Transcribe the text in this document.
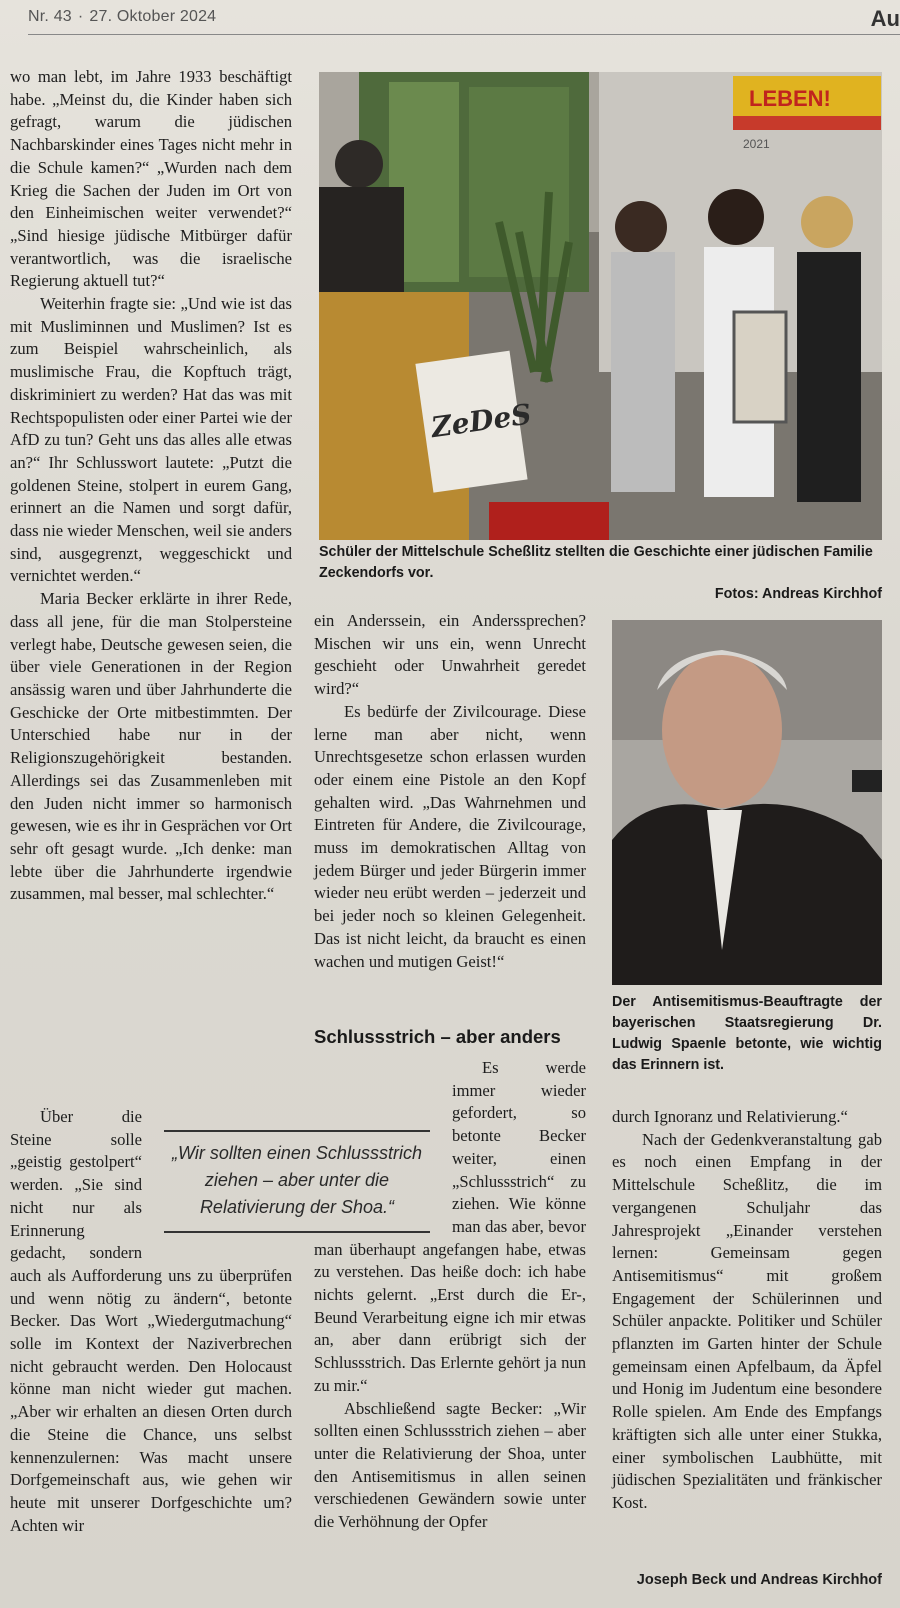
Nr. 43 · 27. Oktober 2024	Au

wo man lebt, im Jahre 1933 beschäftigt habe. „Meinst du, die Kinder haben sich gefragt, warum die jüdischen Nachbarskinder eines Tages nicht mehr in die Schule kamen?“ „Wurden nach dem Krieg die Sachen der Juden im Ort von den Einheimischen weiter verwendet?“ „Sind hiesige jüdische Mitbürger dafür verantwortlich, was die israelische Regierung aktuell tut?“

Weiterhin fragte sie: „Und wie ist das mit Musliminnen und Muslimen? Ist es zum Beispiel wahrscheinlich, als muslimische Frau, die Kopftuch trägt, diskriminiert zu werden? Hat das was mit Rechtspopulisten oder einer Partei wie der AfD zu tun? Geht uns das alles alle etwas an?“ Ihr Schlusswort lautete: „Putzt die goldenen Steine, stolpert in eurem Gang, erinnert an die Namen und sorgt dafür, dass nie wieder Menschen, weil sie anders sind, ausgegrenzt, weggeschickt und vernichtet werden.“

Maria Becker erklärte in ihrer Rede, dass all jene, für die man Stolpersteine verlegt habe, Deutsche gewesen seien, die über viele Generationen in der Region ansässig waren und über Jahrhunderte die Geschicke der Orte mitbestimmten. Der Unterschied habe nur in der Religionszugehörigkeit bestanden. Allerdings sei das Zusammenleben mit den Juden nicht immer so harmonisch gewesen, wie es ihr in Gesprächen vor Ort sehr oft gesagt wurde. „Ich denke: man lebte über die Jahrhunderte irgendwie zusammen, mal besser, mal schlechter.“

LEBEN!
2021
ZeDeS
Schüler der Mittelschule Scheßlitz stellten die Geschichte einer jüdischen Familie Zeckendorfs vor.
Fotos: Andreas Kirchhof

ein Anderssein, ein Anderssprechen? Mischen wir uns ein, wenn Unrecht geschieht oder Unwahrheit geredet wird?“

Es bedürfe der Zivilcourage. Diese lerne man aber nicht, wenn Unrechtsgesetze schon erlassen wurden oder einem eine Pistole an den Kopf gehalten wird. „Das Wahrnehmen und Eintreten für Andere, die Zivilcourage, muss im demokratischen Alltag von jedem Bürger und jeder Bürgerin immer wieder neu erübt werden – jederzeit und bei jeder noch so kleinen Gelegenheit. Das ist nicht leicht, da braucht es einen wachen und mutigen Geist!“

Der Antisemitismus-Beauftragte der bayerischen Staatsregierung Dr. Ludwig Spaenle betonte, wie wichtig das Erinnern ist.
Schlussstrich – aber anders

Es werde immer wieder gefordert, so betonte Becker weiter, einen „Schlussstrich“ zu ziehen. Wie könne man das aber, bevor man überhaupt angefangen habe, etwas zu verstehen. Das heiße doch: ich habe nichts gelernt. „Erst durch die Er-, Beund Verarbeitung eigne ich mir etwas an, aber dann erübrigt sich der Schlussstrich. Das Erlernte gehört ja nun zu mir.“

Abschließend sagte Becker: „Wir sollten einen Schlussstrich ziehen – aber unter die Relativierung der Shoa, unter den Antisemitismus in allen seinen verschiedenen Gewändern sowie unter die Verhöhnung der Opfer

Über die Steine solle „geistig gestolpert“ werden. „Sie sind nicht nur als Erinnerung gedacht, sondern auch als Aufforderung uns zu überprüfen und wenn nötig zu ändern“, betonte Becker. Das Wort „Wiedergutmachung“ solle im Kontext der Naziverbrechen nicht gebraucht werden. Den Holocaust könne man nicht wieder gut machen. „Aber wir erhalten an diesen Orten durch die Steine die Chance, uns selbst kennenzulernen: Was macht unsere Dorfgemeinschaft aus, wie gehen wir heute mit unserer Dorfgeschichte um? Achten wir

„Wir sollten einen Schlussstrich ziehen – aber unter die Relativierung der Shoa.“

durch Ignoranz und Relativierung.“

Nach der Gedenkveranstaltung gab es noch einen Empfang in der Mittelschule Scheßlitz, die im vergangenen Schuljahr das Jahresprojekt „Einander verstehen lernen: Gemeinsam gegen Antisemitismus“ mit großem Engagement der Schülerinnen und Schüler anpackte. Politiker und Schüler pflanzten im Garten hinter der Schule gemeinsam einen Apfelbaum, da Äpfel und Honig im Judentum eine besondere Rolle spielen. Am Ende des Empfangs kräftigten sich alle unter einer Stukka, einer symbolischen Laubhütte, mit jüdischen Spezialitäten und fränkischer Kost.

Joseph Beck und Andreas Kirchhof
